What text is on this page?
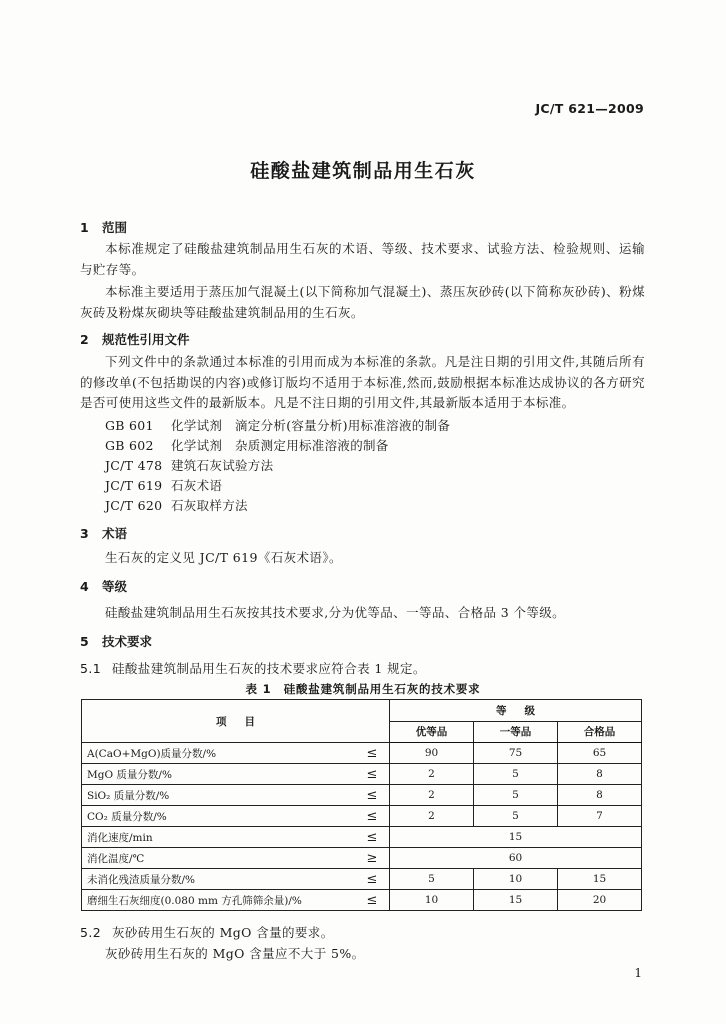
JC/T 621—2009
硅酸盐建筑制品用生石灰
1 范围
本标准规定了硅酸盐建筑制品用生石灰的术语、等级、技术要求、试验方法、检验规则、运输与贮存等。
本标准主要适用于蒸压加气混凝土(以下简称加气混凝土)、蒸压灰砂砖(以下简称灰砂砖)、粉煤灰砖及粉煤灰砌块等硅酸盐建筑制品用的生石灰。
2 规范性引用文件
下列文件中的条款通过本标准的引用而成为本标准的条款。凡是注日期的引用文件,其随后所有的修改单(不包括勘误的内容)或修订版均不适用于本标准,然而,鼓励根据本标准达成协议的各方研究是否可使用这些文件的最新版本。凡是不注日期的引用文件,其最新版本适用于本标准。
GB 601 化学试剂　滴定分析(容量分析)用标准溶液的制备
GB 602 化学试剂　杂质测定用标准溶液的制备
JC/T 478 建筑石灰试验方法
JC/T 619 石灰术语
JC/T 620 石灰取样方法
3 术语
生石灰的定义见 JC/T 619《石灰术语》。
4 等级
硅酸盐建筑制品用生石灰按其技术要求,分为优等品、一等品、合格品 3 个等级。
5 技术要求
5.1 硅酸盐建筑制品用生石灰的技术要求应符合表 1 规定。
表 1　硅酸盐建筑制品用生石灰的技术要求
项目		等级		
		优等品	一等品	合格品
A(CaO+MgO)质量分数/%	≤	90	75	65
MgO 质量分数/%	≤	2	5	8
SiO₂ 质量分数/%	≤	2	5	8
CO₂ 质量分数/%	≤	2	5	7
消化速度/min	≤	15		
消化温度/℃	≥	60		
未消化残渣质量分数/%	≤	5	10	15
磨细生石灰细度(0.080 mm 方孔筛筛余量)/%	≤	10	15	20
5.2 灰砂砖用生石灰的 MgO 含量的要求。
灰砂砖用生石灰的 MgO 含量应不大于 5%。
1
